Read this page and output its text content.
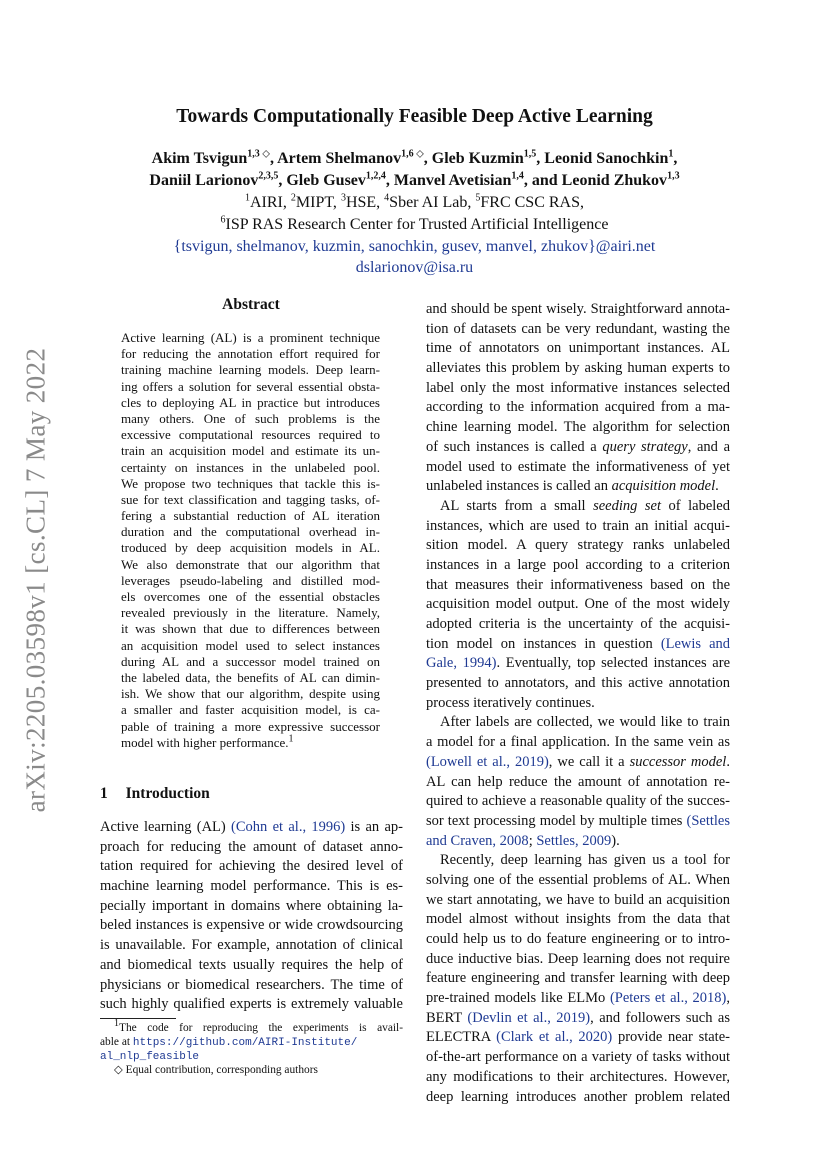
arXiv:2205.03598v1 [cs.CL] 7 May 2022
Towards Computationally Feasible Deep Active Learning
Akim Tsvigun$^{1,3 ◇}$, Artem Shelmanov$^{1,6 ◇}$, Gleb Kuzmin$^{1,5}$, Leonid Sanochkin$^1$,
Daniil Larionov$^{2,3,5}$, Gleb Gusev$^{1,2,4}$, Manvel Avetisian$^{1,4}$, and Leonid Zhukov$^{1,3}$
$^1$AIRI, $^2$MIPT, $^3$HSE, $^4$Sber AI Lab, $^5$FRC CSC RAS,
$^6$ISP RAS Research Center for Trusted Artificial Intelligence
{tsvigun, shelmanov, kuzmin, sanochkin, gusev, manvel, zhukov}@airi.net
dslarionov@isa.ru
Abstract
Active learning (AL) is a prominent technique
for reducing the annotation effort required for
training machine learning models. Deep learn-
ing offers a solution for several essential obsta-
cles to deploying AL in practice but introduces
many others. One of such problems is the
excessive computational resources required to
train an acquisition model and estimate its un-
certainty on instances in the unlabeled pool.
We propose two techniques that tackle this is-
sue for text classification and tagging tasks, of-
fering a substantial reduction of AL iteration
duration and the computational overhead in-
troduced by deep acquisition models in AL.
We also demonstrate that our algorithm that
leverages pseudo-labeling and distilled mod-
els overcomes one of the essential obstacles
revealed previously in the literature. Namely,
it was shown that due to differences between
an acquisition model used to select instances
during AL and a successor model trained on
the labeled data, the benefits of AL can dimin-
ish. We show that our algorithm, despite using
a smaller and faster acquisition model, is ca-
pable of training a more expressive successor
model with higher performance.$^1$
1 Introduction
Active learning (AL) (Cohn et al., 1996) is an ap-
proach for reducing the amount of dataset anno-
tation required for achieving the desired level of
machine learning model performance. This is es-
pecially important in domains where obtaining la-
beled instances is expensive or wide crowdsourcing
is unavailable. For example, annotation of clinical
and biomedical texts usually requires the help of
physicians or biomedical researchers. The time of
such highly qualified experts is extremely valuable
$^1$The code for reproducing the experiments is avail-
able at https://github.com/AIRI-Institute/
al_nlp_feasible
◇ Equal contribution, corresponding authors
and should be spent wisely. Straightforward annota-
tion of datasets can be very redundant, wasting the
time of annotators on unimportant instances. AL
alleviates this problem by asking human experts to
label only the most informative instances selected
according to the information acquired from a ma-
chine learning model. The algorithm for selection
of such instances is called a query strategy, and a
model used to estimate the informativeness of yet
unlabeled instances is called an acquisition model.
AL starts from a small seeding set of labeled
instances, which are used to train an initial acqui-
sition model. A query strategy ranks unlabeled
instances in a large pool according to a criterion
that measures their informativeness based on the
acquisition model output. One of the most widely
adopted criteria is the uncertainty of the acquisi-
tion model on instances in question (Lewis and
Gale, 1994). Eventually, top selected instances are
presented to annotators, and this active annotation
process iteratively continues.
After labels are collected, we would like to train
a model for a final application. In the same vein as
(Lowell et al., 2019), we call it a successor model.
AL can help reduce the amount of annotation re-
quired to achieve a reasonable quality of the succes-
sor text processing model by multiple times (Settles
and Craven, 2008; Settles, 2009).
Recently, deep learning has given us a tool for
solving one of the essential problems of AL. When
we start annotating, we have to build an acquisition
model almost without insights from the data that
could help us to do feature engineering or to intro-
duce inductive bias. Deep learning does not require
feature engineering and transfer learning with deep
pre-trained models like ELMo (Peters et al., 2018),
BERT (Devlin et al., 2019), and followers such as
ELECTRA (Clark et al., 2020) provide near state-
of-the-art performance on a variety of tasks without
any modifications to their architectures. However,
deep learning introduces another problem related
